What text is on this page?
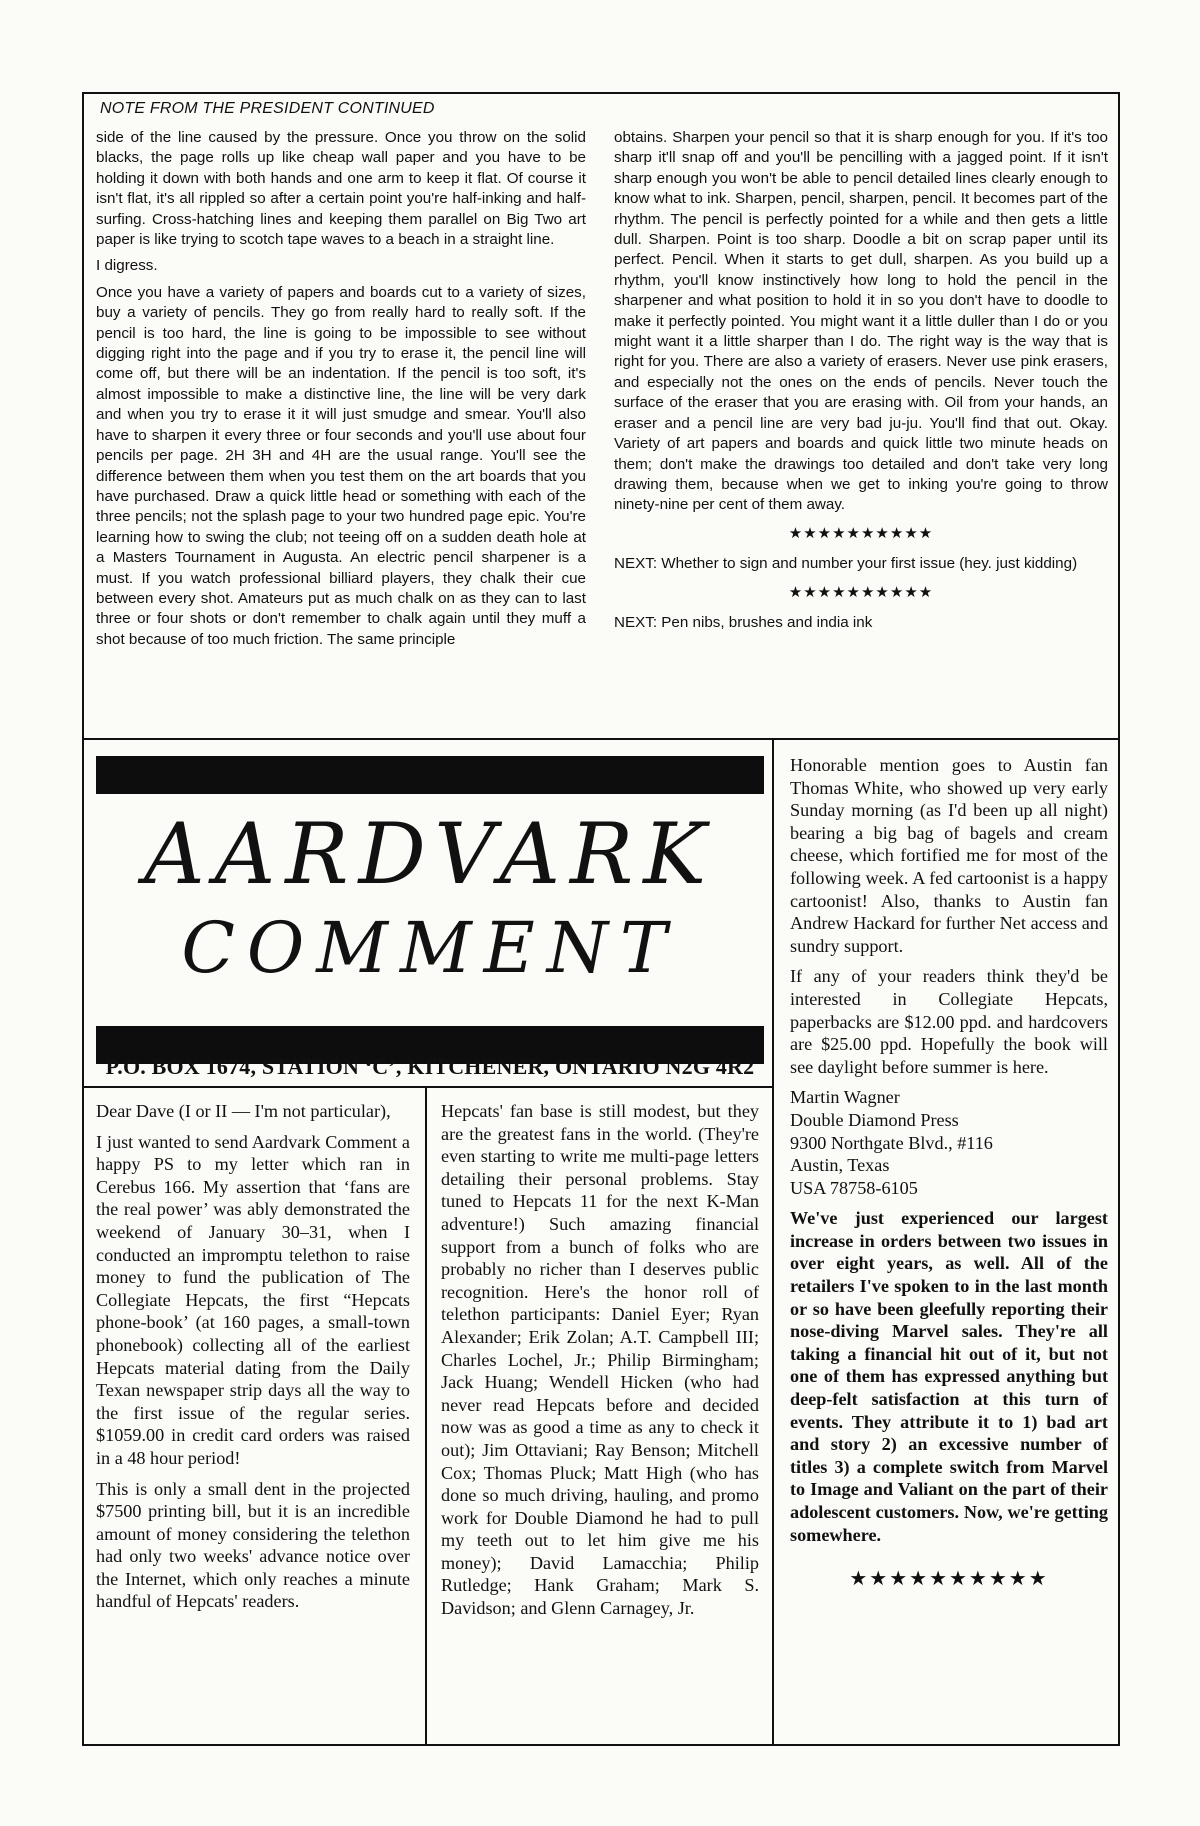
NOTE FROM THE PRESIDENT CONTINUED

side of the line caused by the pressure. Once you throw on the solid blacks, the page rolls up like cheap wall paper and you have to be holding it down with both hands and one arm to keep it flat. Of course it isn't flat, it's all rippled so after a certain point you're half-inking and half-surfing. Cross-hatching lines and keeping them parallel on Big Two art paper is like trying to scotch tape waves to a beach in a straight line.

I digress.

Once you have a variety of papers and boards cut to a variety of sizes, buy a variety of pencils. They go from really hard to really soft. If the pencil is too hard, the line is going to be impossible to see without digging right into the page and if you try to erase it, the pencil line will come off, but there will be an indentation. If the pencil is too soft, it's almost impossible to make a distinctive line, the line will be very dark and when you try to erase it it will just smudge and smear. You'll also have to sharpen it every three or four seconds and you'll use about four pencils per page. 2H 3H and 4H are the usual range. You'll see the difference between them when you test them on the art boards that you have purchased. Draw a quick little head or something with each of the three pencils; not the splash page to your two hundred page epic. You're learning how to swing the club; not teeing off on a sudden death hole at a Masters Tournament in Augusta. An electric pencil sharpener is a must. If you watch professional billiard players, they chalk their cue between every shot. Amateurs put as much chalk on as they can to last three or four shots or don't remember to chalk again until they muff a shot because of too much friction. The same principle

obtains. Sharpen your pencil so that it is sharp enough for you. If it's too sharp it'll snap off and you'll be pencilling with a jagged point. If it isn't sharp enough you won't be able to pencil detailed lines clearly enough to know what to ink. Sharpen, pencil, sharpen, pencil. It becomes part of the rhythm. The pencil is perfectly pointed for a while and then gets a little dull. Sharpen. Point is too sharp. Doodle a bit on scrap paper until its perfect. Pencil. When it starts to get dull, sharpen. As you build up a rhythm, you'll know instinctively how long to hold the pencil in the sharpener and what position to hold it in so you don't have to doodle to make it perfectly pointed. You might want it a little duller than I do or you might want it a little sharper than I do. The right way is the way that is right for you. There are also a variety of erasers. Never use pink erasers, and especially not the ones on the ends of pencils. Never touch the surface of the eraser that you are erasing with. Oil from your hands, an eraser and a pencil line are very bad ju-ju. You'll find that out. Okay. Variety of art papers and boards and quick little two minute heads on them; don't make the drawings too detailed and don't take very long drawing them, because when we get to inking you're going to throw ninety-nine per cent of them away.

★★★★★★★★★★

NEXT: Whether to sign and number your first issue (hey. just kidding)

★★★★★★★★★★

NEXT: Pen nibs, brushes and india ink

AARDVARK
COMMENT
P.O. BOX 1674, STATION ‘C’, KITCHENER, ONTARIO N2G 4R2

Dear Dave (I or II — I'm not particular),

I just wanted to send Aardvark Comment a happy PS to my letter which ran in Cerebus 166. My assertion that ‘fans are the real power’ was ably demonstrated the weekend of January 30–31, when I conducted an impromptu telethon to raise money to fund the publication of The Collegiate Hepcats, the first “Hepcats phone-book’ (at 160 pages, a small-town phonebook) collecting all of the earliest Hepcats material dating from the Daily Texan newspaper strip days all the way to the first issue of the regular series. $1059.00 in credit card orders was raised in a 48 hour period!

This is only a small dent in the projected $7500 printing bill, but it is an incredible amount of money considering the telethon had only two weeks' advance notice over the Internet, which only reaches a minute handful of Hepcats' readers.

Hepcats' fan base is still modest, but they are the greatest fans in the world. (They're even starting to write me multi-page letters detailing their personal problems. Stay tuned to Hepcats 11 for the next K-Man adventure!) Such amazing financial support from a bunch of folks who are probably no richer than I deserves public recognition. Here's the honor roll of telethon participants: Daniel Eyer; Ryan Alexander; Erik Zolan; A.T. Campbell III; Charles Lochel, Jr.; Philip Birmingham; Jack Huang; Wendell Hicken (who had never read Hepcats before and decided now was as good a time as any to check it out); Jim Ottaviani; Ray Benson; Mitchell Cox; Thomas Pluck; Matt High (who has done so much driving, hauling, and promo work for Double Diamond he had to pull my teeth out to let him give me his money); David Lamacchia; Philip Rutledge; Hank Graham; Mark S. Davidson; and Glenn Carnagey, Jr.

Honorable mention goes to Austin fan Thomas White, who showed up very early Sunday morning (as I'd been up all night) bearing a big bag of bagels and cream cheese, which fortified me for most of the following week. A fed cartoonist is a happy cartoonist! Also, thanks to Austin fan Andrew Hackard for further Net access and sundry support.

If any of your readers think they'd be interested in Collegiate Hepcats, paperbacks are $12.00 ppd. and hardcovers are $25.00 ppd. Hopefully the book will see daylight before summer is here.

Martin Wagner
Double Diamond Press
9300 Northgate Blvd., #116
Austin, Texas
USA 78758-6105

We've just experienced our largest increase in orders between two issues in over eight years, as well. All of the retailers I've spoken to in the last month or so have been gleefully reporting their nose-diving Marvel sales. They're all taking a financial hit out of it, but not one of them has expressed anything but deep-felt satisfaction at this turn of events. They attribute it to 1) bad art and story 2) an excessive number of titles 3) a complete switch from Marvel to Image and Valiant on the part of their adolescent customers. Now, we're getting somewhere.

★★★★★★★★★★
